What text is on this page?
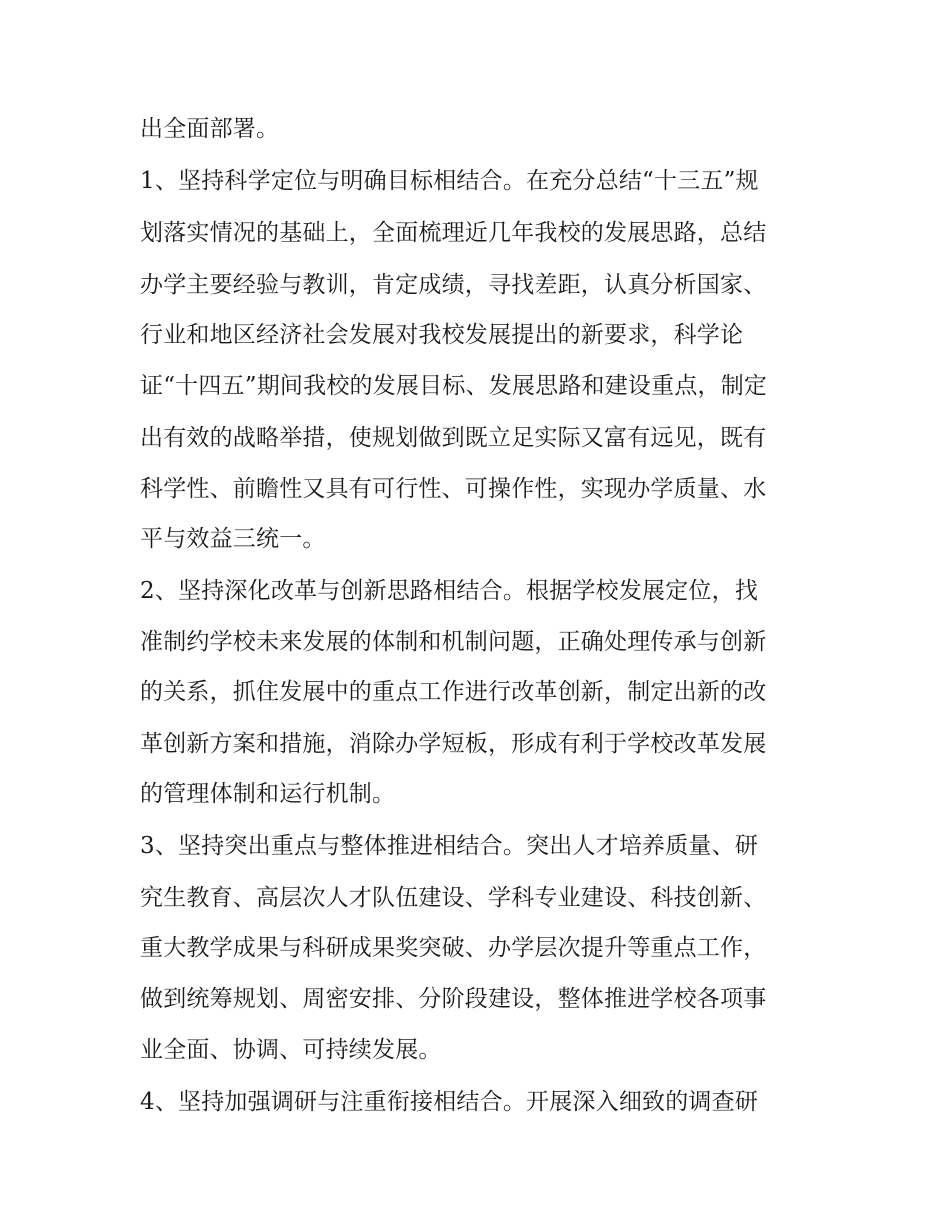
出全面部署。
1、坚持科学定位与明确目标相结合。在充分总结“十三五”规
划落实情况的基础上，全面梳理近几年我校的发展思路，总结
办学主要经验与教训，肯定成绩，寻找差距，认真分析国家、
行业和地区经济社会发展对我校发展提出的新要求，科学论
证“十四五”期间我校的发展目标、发展思路和建设重点，制定
出有效的战略举措，使规划做到既立足实际又富有远见，既有
科学性、前瞻性又具有可行性、可操作性，实现办学质量、水
平与效益三统一。
2、坚持深化改革与创新思路相结合。根据学校发展定位，找
准制约学校未来发展的体制和机制问题，正确处理传承与创新
的关系，抓住发展中的重点工作进行改革创新，制定出新的改
革创新方案和措施，消除办学短板，形成有利于学校改革发展
的管理体制和运行机制。
3、坚持突出重点与整体推进相结合。突出人才培养质量、研
究生教育、高层次人才队伍建设、学科专业建设、科技创新、
重大教学成果与科研成果奖突破、办学层次提升等重点工作，
做到统筹规划、周密安排、分阶段建设，整体推进学校各项事
业全面、协调、可持续发展。
4、坚持加强调研与注重衔接相结合。开展深入细致的调查研
